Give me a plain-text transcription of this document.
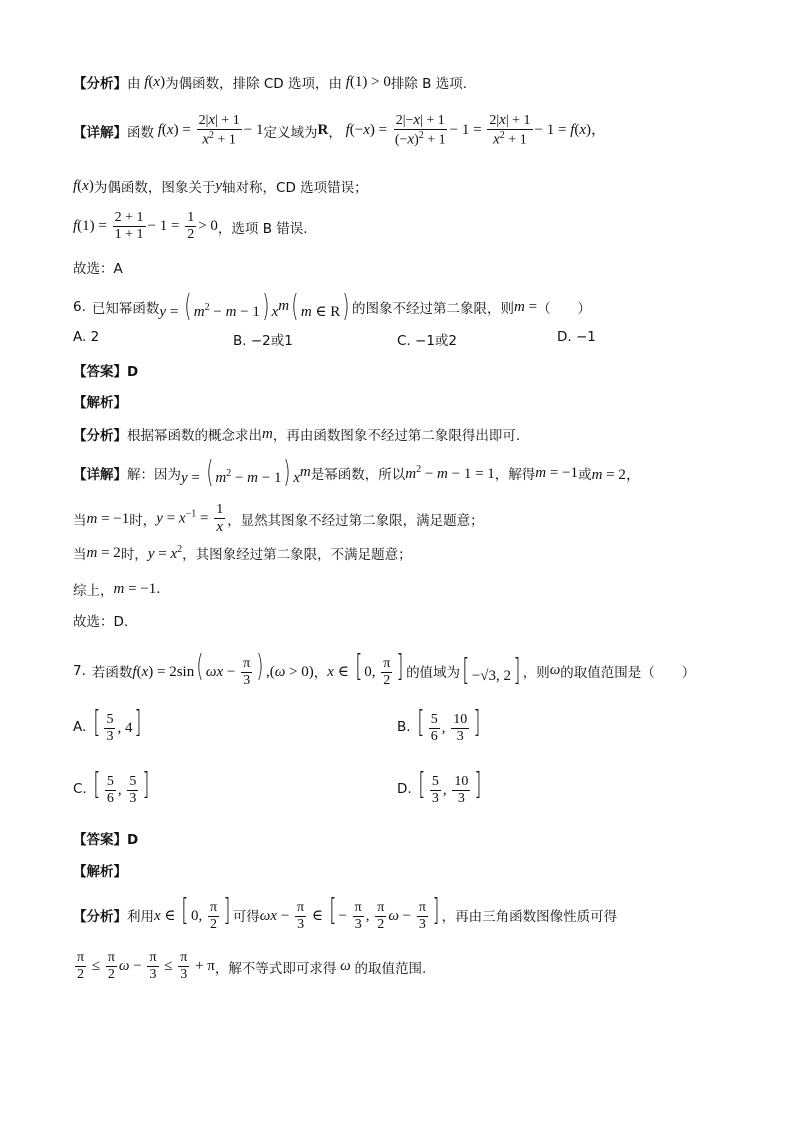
【分析】 由 f(x) 为偶函数，排除 CD 选项，由 f(1) > 0 排除 B 选项.
【详解】 函数 $f(x) = \frac{2|x| + 1}{x^2 + 1} - 1$ 定义域为 R ， $f(-x) = \frac{2|-x| + 1}{(-x)^2 + 1} - 1 = \frac{2|x| + 1}{x^2 + 1} - 1 = f(x)$，
f(x) 为偶函数，图象关于 y 轴对称，CD 选项错误；
$f(1) = \frac{2 + 1}{1 + 1} - 1 = \frac{1}{2} > 0$ ，选项 B 错误.
故选：A
6. 已知幂函数 y = ( $m^2 - m - 1$) $x^m$( m ∈ R) 的图象不经过第二象限，则 m = （　　）
A. 2	B. −2或1	C. −1或2	D. −1
【答案】D
【解析】
【分析】 根据幂函数的概念求出 m ，再由函数图象不经过第二象限得出即可.
【详解】 解：因为 y = ( $m^2 - m - 1$) $x^m$ 是幂函数，所以 $m^2 - m - 1 = 1$ ，解得 m = −1 或 m = 2，
当 m = −1 时， $y = x^{-1} = \frac{1}{x}$ ，显然其图象不经过第二象限，满足题意；
当 m = 2 时， $y = x^2$ ，其图象经过第二象限，不满足题意；
综上， m = −1 .
故选：D.
7. 若函数 f(x) = 2sin( $\omega x - \frac{\pi}{3}$ ) ,(ω > 0) ， x ∈ [ 0, $\frac{\pi}{2}$ ] 的值域为 [ −√3, 2] ，则 ω 的取值范围是（　　）
A.
[ $\frac{5}{3}$ , 4]	B.
[ $\frac{5}{6}$ , $\frac{10}{3}$ ]
C.
[ $\frac{5}{6}$ , $\frac{5}{3}$ ]	D.
[ $\frac{5}{3}$ , $\frac{10}{3}$ ]
【答案】D
【解析】
【分析】 利用 x ∈ [ 0, $\frac{\pi}{2}$ ] 可得 $\omega x - \frac{\pi}{3}$ ∈ [ − $\frac{\pi}{3}$ , $\frac{\pi}{2}$ $\omega - \frac{\pi}{3}$ ] ，再由三角函数图像性质可得
$\frac{\pi}{2} \le \frac{\pi}{2}$ $\omega - \frac{\pi}{3} \le \frac{\pi}{3} + \pi$ ，解不等式即可求得 ω 的取值范围.
